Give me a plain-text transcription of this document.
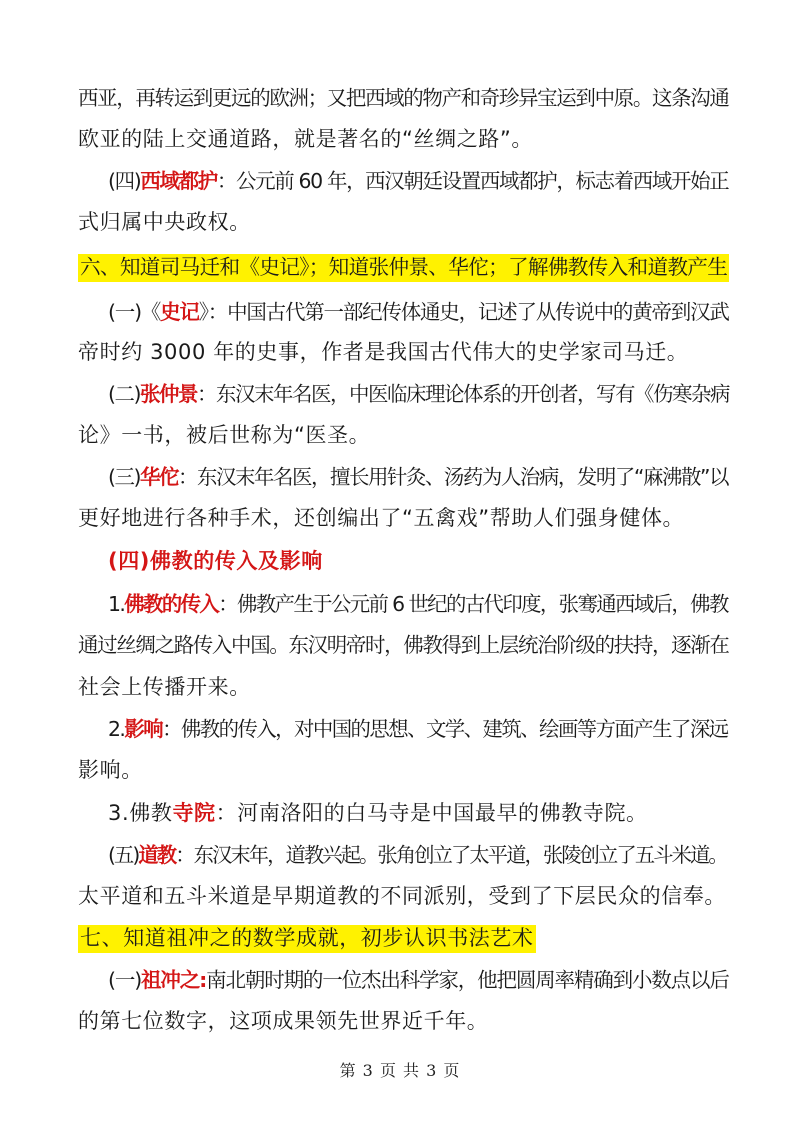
西亚，再转运到更远的欧洲；又把西域的物产和奇珍异宝运到中原。这条沟通
欧亚的陆上交通道路，就是著名的“丝绸之路”。
(四)西域都护：公元前 60 年，西汉朝廷设置西域都护，标志着西域开始正
式归属中央政权。
六、知道司马迁和《史记》；知道张仲景、华佗；了解佛教传入和道教产生
(一)《史记》：中国古代第一部纪传体通史，记述了从传说中的黄帝到汉武
帝时约 3000 年的史事，作者是我国古代伟大的史学家司马迁。
(二)张仲景：东汉末年名医，中医临床理论体系的开创者，写有《伤寒杂病
论》一书，被后世称为“医圣。
(三)华佗：东汉末年名医，擅长用针灸、汤药为人治病，发明了“麻沸散”以
更好地进行各种手术，还创编出了“五禽戏”帮助人们强身健体。
(四)佛教的传入及影响
1.佛教的传入：佛教产生于公元前 6 世纪的古代印度，张骞通西域后，佛教
通过丝绸之路传入中国。东汉明帝时，佛教得到上层统治阶级的扶持，逐渐在
社会上传播开来。
2.影响：佛教的传入，对中国的思想、文学、建筑、绘画等方面产生了深远
影响。
3.佛教寺院：河南洛阳的白马寺是中国最早的佛教寺院。
(五)道教：东汉末年，道教兴起。张角创立了太平道，张陵创立了五斗米道。
太平道和五斗米道是早期道教的不同派别，受到了下层民众的信奉。
七、知道祖冲之的数学成就，初步认识书法艺术
(一)祖冲之:南北朝时期的一位杰出科学家，他把圆周率精确到小数点以后
的第七位数字，这项成果领先世界近千年。
第 3 页 共 3 页
